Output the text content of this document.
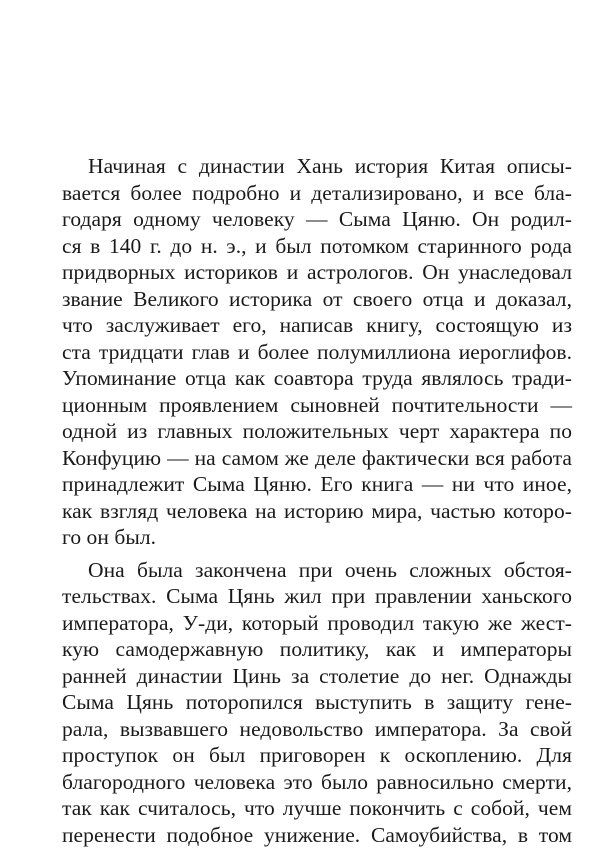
Начиная с династии Хань история Китая описы-
вается более подробно и детализировано, и все бла-
годаря одному человеку — Сыма Цяню. Он родил-
ся в 140 г. до н. э., и был потомком старинного рода
придворных историков и астрологов. Он унаследовал
звание Великого историка от своего отца и доказал,
что заслуживает его, написав книгу, состоящую из
ста тридцати глав и более полумиллиона иероглифов.
Упоминание отца как соавтора труда являлось тради-
ционным проявлением сыновней почтительности —
одной из главных положительных черт характера по
Конфуцию — на самом же деле фактически вся работа
принадлежит Сыма Цяню. Его книга — ни что иное,
как взгляд человека на историю мира, частью которо-
го он был.
Она была закончена при очень сложных обстоя-
тельствах. Сыма Цянь жил при правлении ханьского
императора, У-ди, который проводил такую же жест-
кую самодержавную политику, как и императоры
ранней династии Цинь за столетие до нег. Однажды
Сыма Цянь поторопился выступить в защиту гене-
рала, вызвавшего недовольство императора. За свой
проступок он был приговорен к оскоплению. Для
благородного человека это было равносильно смерти,
так как считалось, что лучше покончить с собой, чем
перенести подобное унижение. Самоубийства, в том
